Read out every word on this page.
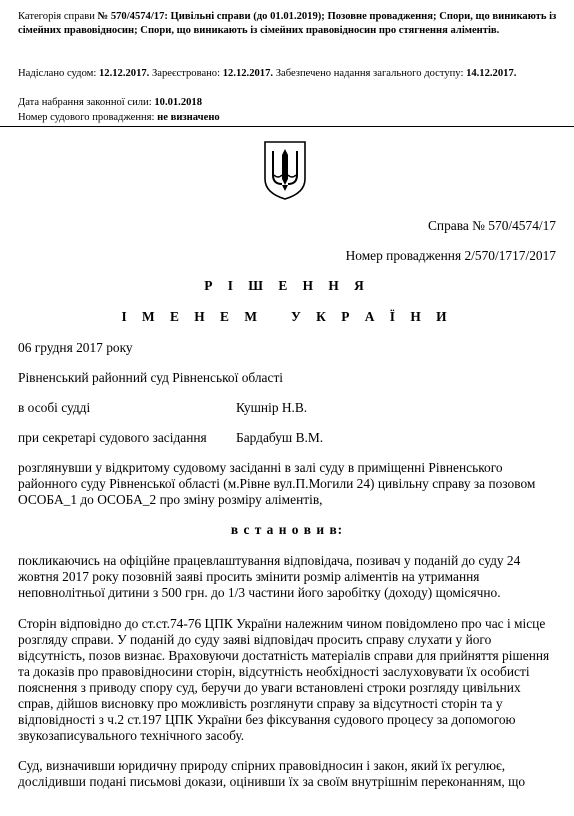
Категорія справи № 570/4574/17: Цивільні справи (до 01.01.2019); Позовне провадження; Спори, що виникають із сімейних правовідносин; Спори, що виникають із сімейних правовідносин про стягнення аліментів.
Надіслано судом: 12.12.2017. Зареєстровано: 12.12.2017. Забезпечено надання загального доступу: 14.12.2017.
Дата набрання законної сили: 10.01.2018
Номер судового провадження: не визначено
Справа № 570/4574/17
Номер провадження 2/570/1717/2017
Р І Ш Е Н Н Я
І М Е Н Е М   У К Р А Ї Н И
06 грудня 2017 року
Рівненський районний суд Рівненської області
в особі судді	Кушнір Н.В.
при секретарі судового засідання Бардабуш В.М.
розглянувши у відкритому судовому засіданні в залі суду в приміщенні Рівненського районного суду Рівненської області (м.Рівне вул.П.Могили 24) цивільну справу за позовом ОСОБА_1 до ОСОБА_2 про зміну розміру аліментів,
в с т а н о в и в:
покликаючись на офіційне працевлаштування відповідача, позивач у поданій до суду 24 жовтня 2017 року позовній заяві просить змінити розмір аліментів на утримання неповнолітньої дитини з 500 грн. до 1/3 частини його заробітку (доходу) щомісячно.
Сторін відповідно до ст.ст.74-76 ЦПК України належним чином повідомлено про час і місце розгляду справи. У поданій до суду заяві відповідач просить справу слухати у його відсутність, позов визнає. Враховуючи достатність матеріалів справи для прийняття рішення та доказів про правовідносини сторін, відсутність необхідності заслуховувати їх особисті пояснення з приводу спору суд, беручи до уваги встановлені строки розгляду цивільних справ, дійшов висновку про можливість розглянути справу за відсутності сторін та у відповідності з ч.2 ст.197 ЦПК України без фіксування судового процесу за допомогою звукозаписувального технічного засобу.
Суд, визначивши юридичну природу спірних правовідносин і закон, який їх регулює, дослідивши подані письмові докази, оцінивши їх за своїм внутрішнім переконанням, що
